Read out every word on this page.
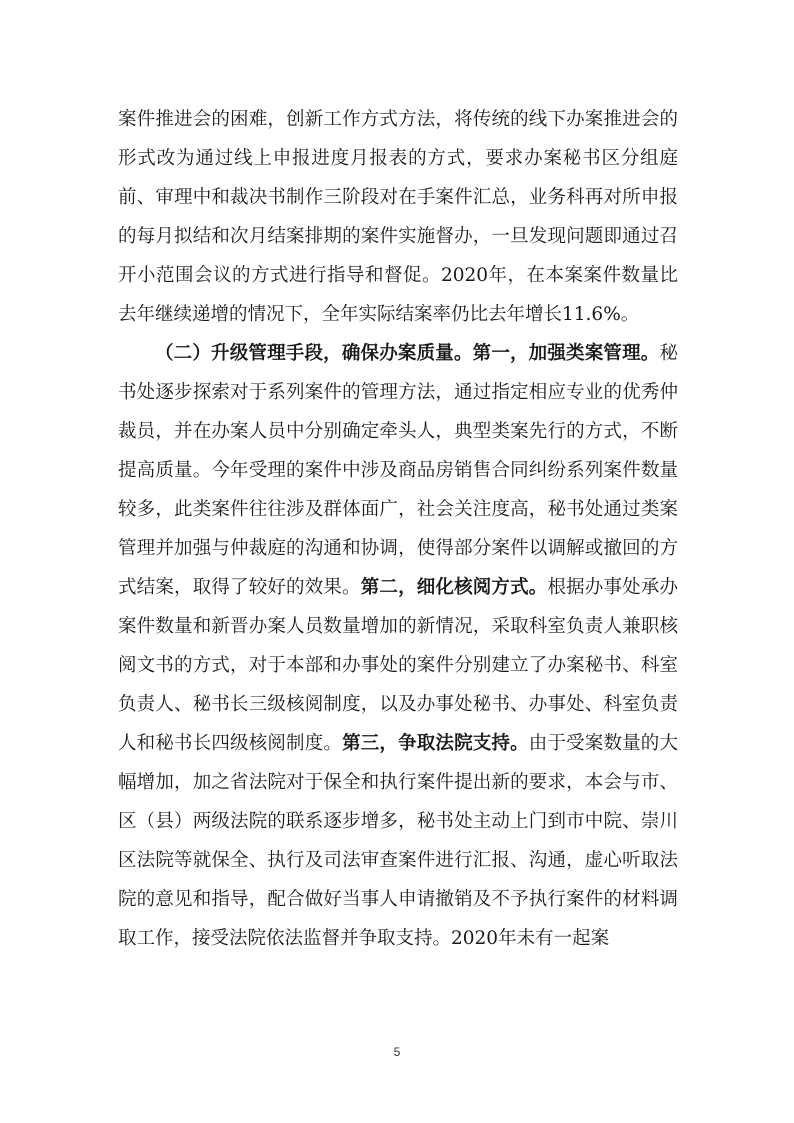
案件推进会的困难，创新工作方式方法，将传统的线下办案推进会的形式改为通过线上申报进度月报表的方式，要求办案秘书区分组庭前、审理中和裁决书制作三阶段对在手案件汇总，业务科再对所申报的每月拟结和次月结案排期的案件实施督办，一旦发现问题即通过召开小范围会议的方式进行指导和督促。2020年，在本案案件数量比去年继续递增的情况下，全年实际结案率仍比去年增长11.6%。

（二）升级管理手段，确保办案质量。第一，加强类案管理。秘书处逐步探索对于系列案件的管理方法，通过指定相应专业的优秀仲裁员，并在办案人员中分别确定牵头人，典型类案先行的方式，不断提高质量。今年受理的案件中涉及商品房销售合同纠纷系列案件数量较多，此类案件往往涉及群体面广，社会关注度高，秘书处通过类案管理并加强与仲裁庭的沟通和协调，使得部分案件以调解或撤回的方式结案，取得了较好的效果。第二，细化核阅方式。根据办事处承办案件数量和新晋办案人员数量增加的新情况，采取科室负责人兼职核阅文书的方式，对于本部和办事处的案件分别建立了办案秘书、科室负责人、秘书长三级核阅制度，以及办事处秘书、办事处、科室负责人和秘书长四级核阅制度。第三，争取法院支持。由于受案数量的大幅增加，加之省法院对于保全和执行案件提出新的要求，本会与市、区（县）两级法院的联系逐步增多，秘书处主动上门到市中院、崇川区法院等就保全、执行及司法审查案件进行汇报、沟通，虚心听取法院的意见和指导，配合做好当事人申请撤销及不予执行案件的材料调取工作，接受法院依法监督并争取支持。2020年未有一起案

5
